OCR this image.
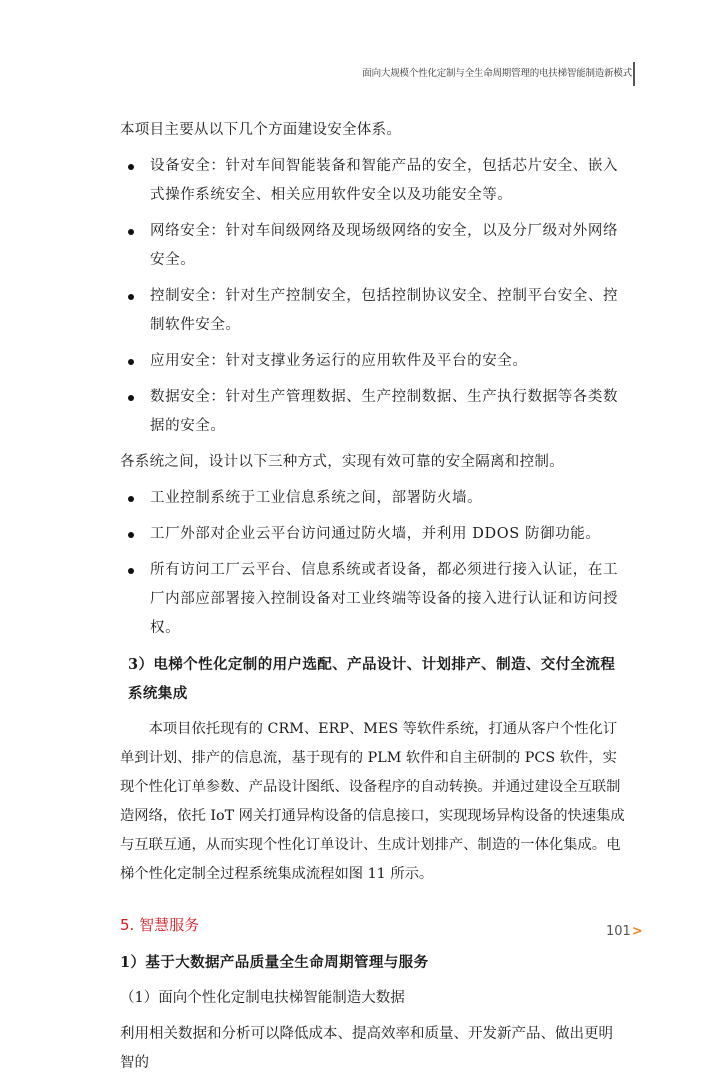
面向大规模个性化定制与全生命周期管理的电扶梯智能制造新模式

本项目主要从以下几个方面建设安全体系。

设备安全：针对车间智能装备和智能产品的安全，包括芯片安全、嵌入式操作系统安全、相关应用软件安全以及功能安全等。
网络安全：针对车间级网络及现场级网络的安全，以及分厂级对外网络安全。
控制安全：针对生产控制安全，包括控制协议安全、控制平台安全、控制软件安全。
应用安全：针对支撑业务运行的应用软件及平台的安全。
数据安全：针对生产管理数据、生产控制数据、生产执行数据等各类数据的安全。

各系统之间，设计以下三种方式，实现有效可靠的安全隔离和控制。

工业控制系统于工业信息系统之间，部署防火墙。
工厂外部对企业云平台访问通过防火墙，并利用 DDOS 防御功能。
所有访问工厂云平台、信息系统或者设备，都必须进行接入认证，在工厂内部应部署接入控制设备对工业终端等设备的接入进行认证和访问授权。

3）电梯个性化定制的用户选配、产品设计、计划排产、制造、交付全流程系统集成

本项目依托现有的 CRM、ERP、MES 等软件系统，打通从客户个性化订单到计划、排产的信息流，基于现有的 PLM 软件和自主研制的 PCS 软件，实现个性化订单参数、产品设计图纸、设备程序的自动转换。并通过建设全互联制造网络，依托 IoT 网关打通异构设备的信息接口，实现现场异构设备的快速集成与互联互通，从而实现个性化订单设计、生成计划排产、制造的一体化集成。电梯个性化定制全过程系统集成流程如图 11 所示。

5. 智慧服务

1）基于大数据产品质量全生命周期管理与服务

（1）面向个性化定制电扶梯智能制造大数据

利用相关数据和分析可以降低成本、提高效率和质量、开发新产品、做出更明智的

101>
